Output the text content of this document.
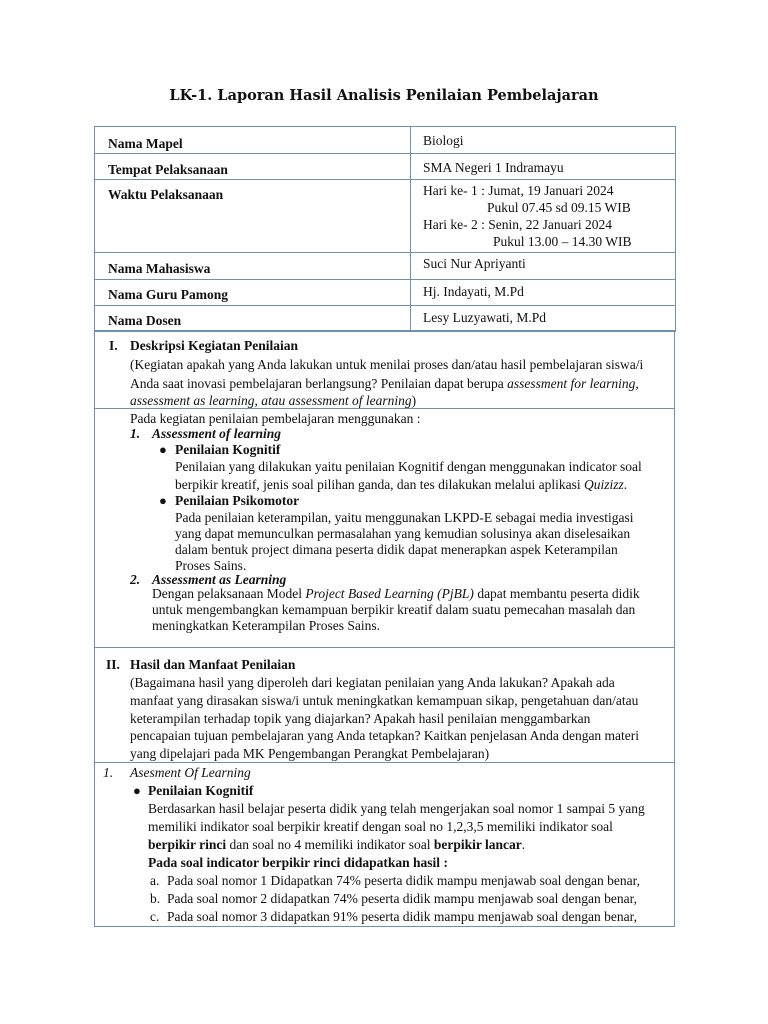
LK-1. Laporan Hasil Analisis Penilaian Pembelajaran
Nama Mapel	Biologi
Tempat Pelaksanaan	SMA Negeri 1 Indramayu
Waktu Pelaksanaan	Hari ke- 1 : Jumat, 19 Januari 2024
Pukul 07.45 sd 09.15 WIB
Hari ke- 2 : Senin, 22 Januari 2024
Pukul 13.00 – 14.30 WIB

Nama Mahasiswa	Suci Nur Apriyanti
Nama Guru Pamong	Hj. Indayati, M.Pd
Nama Dosen	Lesy Luzyawati, M.Pd
I. Deskripsi Kegiatan Penilaian
(Kegiatan apakah yang Anda lakukan untuk menilai proses dan/atau hasil pembelajaran siswa/i
Anda saat inovasi pembelajaran berlangsung? Penilaian dapat berupa assessment for learning,
assessment as learning, atau assessment of learning)
Pada kegiatan penilaian pembelajaran menggunakan :
1. Assessment of learning
● Penilaian Kognitif
Penilaian yang dilakukan yaitu penilaian Kognitif dengan menggunakan indicator soal
berpikir kreatif, jenis soal pilihan ganda, dan tes dilakukan melalui aplikasi Quizizz.
● Penilaian Psikomotor
Pada penilaian keterampilan, yaitu menggunakan LKPD-E sebagai media investigasi
yang dapat memunculkan permasalahan yang kemudian solusinya akan diselesaikan
dalam bentuk project dimana peserta didik dapat menerapkan aspek Keterampilan
Proses Sains.
2. Assessment as Learning
Dengan pelaksanaan Model Project Based Learning (PjBL) dapat membantu peserta didik
untuk mengembangkan kemampuan berpikir kreatif dalam suatu pemecahan masalah dan
meningkatkan Keterampilan Proses Sains.
II. Hasil dan Manfaat Penilaian
(Bagaimana hasil yang diperoleh dari kegiatan penilaian yang Anda lakukan? Apakah ada
manfaat yang dirasakan siswa/i untuk meningkatkan kemampuan sikap, pengetahuan dan/atau
keterampilan terhadap topik yang diajarkan? Apakah hasil penilaian menggambarkan
pencapaian tujuan pembelajaran yang Anda tetapkan? Kaitkan penjelasan Anda dengan materi
yang dipelajari pada MK Pengembangan Perangkat Pembelajaran)
1. Asesment Of Learning
● Penilaian Kognitif
Berdasarkan hasil belajar peserta didik yang telah mengerjakan soal nomor 1 sampai 5 yang
memiliki indikator soal berpikir kreatif dengan soal no 1,2,3,5 memiliki indikator soal
berpikir rinci dan soal no 4 memiliki indikator soal berpikir lancar.
Pada soal indicator berpikir rinci didapatkan hasil :
a. Pada soal nomor 1 Didapatkan 74% peserta didik mampu menjawab soal dengan benar,
b. Pada soal nomor 2 didapatkan 74% peserta didik mampu menjawab soal dengan benar,
c. Pada soal nomor 3 didapatkan 91% peserta didik mampu menjawab soal dengan benar,
